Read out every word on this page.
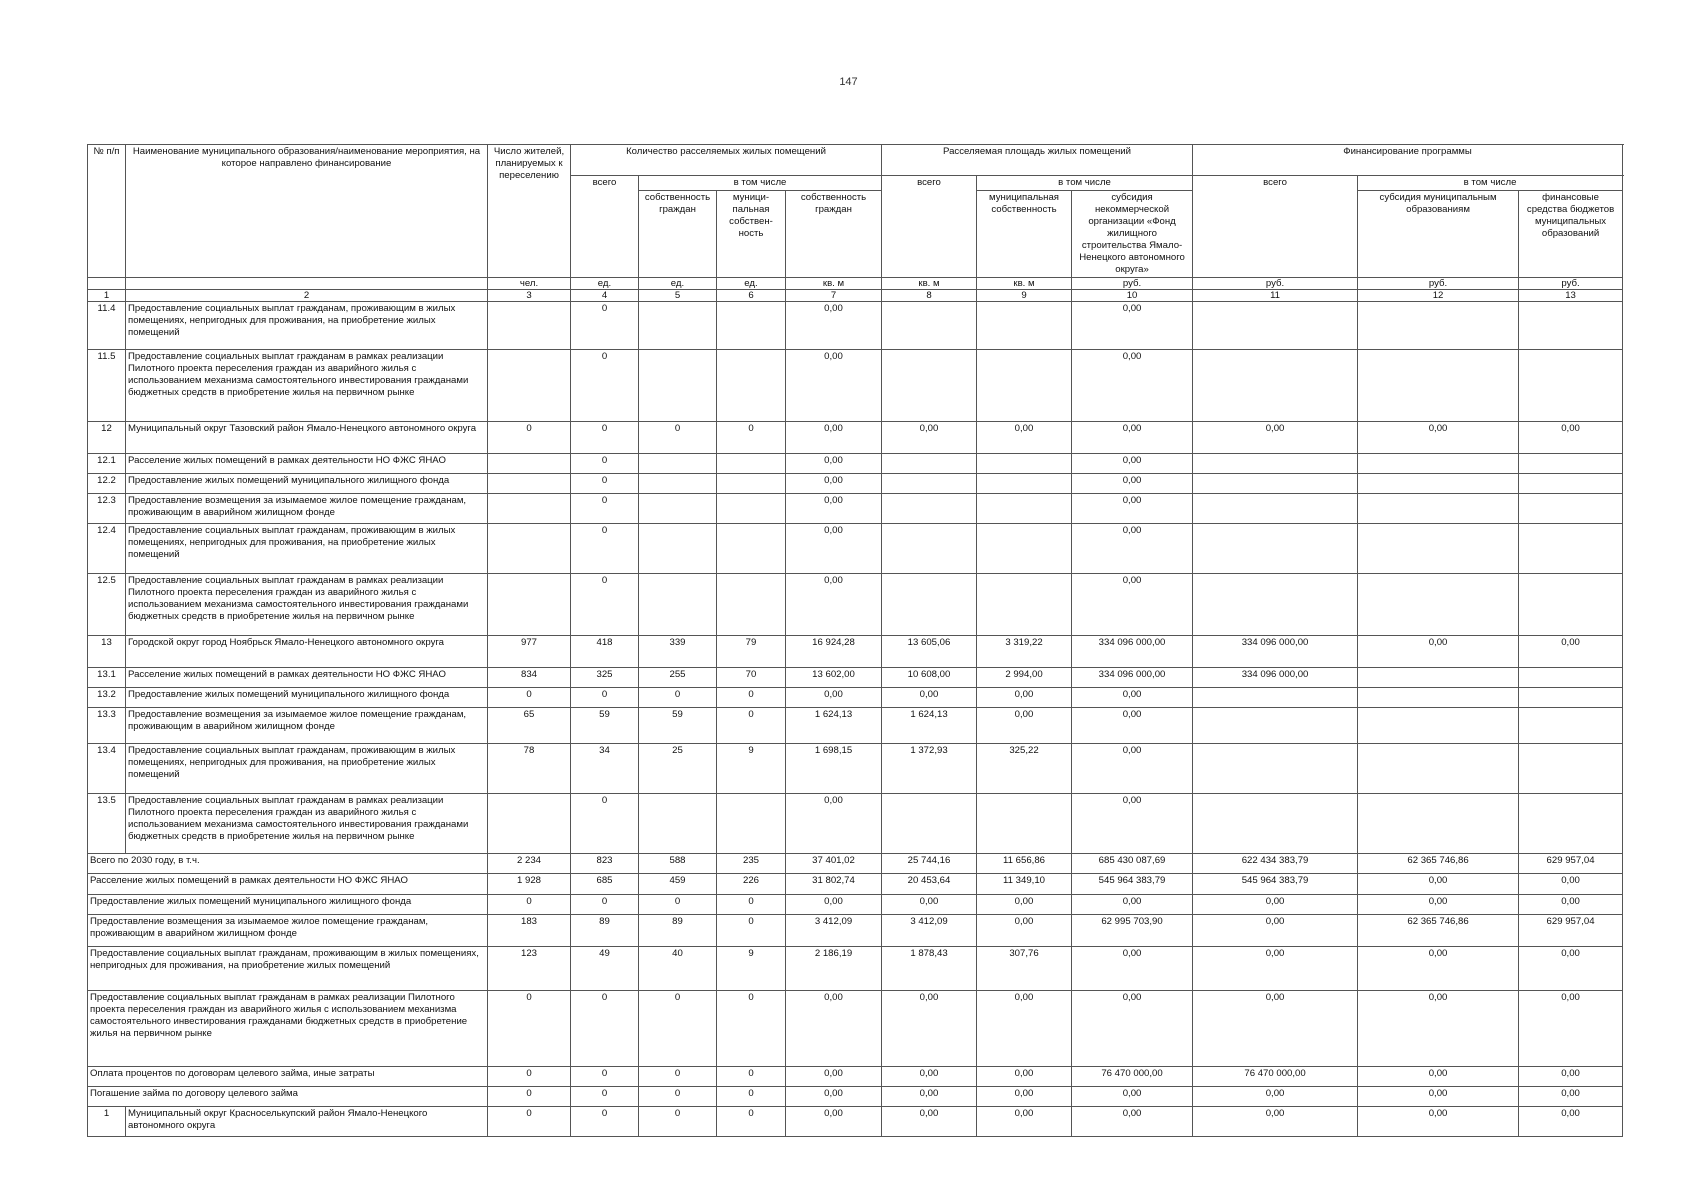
147
№ п/п	Наименование муниципального образования/наименование мероприятия, на которое направлено финансирование	Число жителей, планируемых к переселению	Количество расселяемых жилых помещений				Расселяемая площадь жилых помещений			Финансирование программы		
			всего	в том числе			всего	в том числе		всего	в том числе	
				собственность граждан	муници-пальная собствен-ность	собственность граждан		муниципальная собственность	субсидия некоммерческой организации «Фонд жилищного строительства Ямало-Ненецкого автономного округа»		субсидия муниципальным образованиям	финансовые средства бюджетов муниципальных образований
		чел.	ед.	ед.	ед.	кв. м	кв. м	кв. м	руб.	руб.	руб.	руб.
1	2	3	4	5	6	7	8	9	10	11	12	13
11.4	Предоставление социальных выплат гражданам, проживающим в жилых помещениях, непригодных для проживания, на приобретение жилых помещений		0			0,00			0,00			
11.5	Предоставление социальных выплат гражданам в рамках реализации Пилотного проекта переселения граждан из аварийного жилья с использованием механизма самостоятельного инвестирования гражданами бюджетных средств в приобретение жилья на первичном рынке		0			0,00			0,00			
12	Муниципальный округ Тазовский район Ямало-Ненецкого автономного округа	0	0	0	0	0,00	0,00	0,00	0,00	0,00	0,00	0,00
12.1	Расселение жилых помещений в рамках деятельности НО ФЖС ЯНАО		0			0,00			0,00			
12.2	Предоставление жилых помещений муниципального жилищного фонда		0			0,00			0,00			
12.3	Предоставление возмещения за изымаемое жилое помещение гражданам, проживающим в аварийном жилищном фонде		0			0,00			0,00			
12.4	Предоставление социальных выплат гражданам, проживающим в жилых помещениях, непригодных для проживания, на приобретение жилых помещений		0			0,00			0,00			
12.5	Предоставление социальных выплат гражданам в рамках реализации Пилотного проекта переселения граждан из аварийного жилья с использованием механизма самостоятельного инвестирования гражданами бюджетных средств в приобретение жилья на первичном рынке		0			0,00			0,00			
13	Городской округ город Ноябрьск Ямало-Ненецкого автономного округа	977	418	339	79	16 924,28	13 605,06	3 319,22	334 096 000,00	334 096 000,00	0,00	0,00
13.1	Расселение жилых помещений в рамках деятельности НО ФЖС ЯНАО	834	325	255	70	13 602,00	10 608,00	2 994,00	334 096 000,00	334 096 000,00		
13.2	Предоставление жилых помещений муниципального жилищного фонда	0	0	0	0	0,00	0,00	0,00	0,00			
13.3	Предоставление возмещения за изымаемое жилое помещение гражданам, проживающим в аварийном жилищном фонде	65	59	59	0	1 624,13	1 624,13	0,00	0,00			
13.4	Предоставление социальных выплат гражданам, проживающим в жилых помещениях, непригодных для проживания, на приобретение жилых помещений	78	34	25	9	1 698,15	1 372,93	325,22	0,00			
13.5	Предоставление социальных выплат гражданам в рамках реализации Пилотного проекта переселения граждан из аварийного жилья с использованием механизма самостоятельного инвестирования гражданами бюджетных средств в приобретение жилья на первичном рынке		0			0,00			0,00			
Всего по 2030 году, в т.ч.		2 234	823	588	235	37 401,02	25 744,16	11 656,86	685 430 087,69	622 434 383,79	62 365 746,86	629 957,04
Расселение жилых помещений в рамках деятельности НО ФЖС ЯНАО		1 928	685	459	226	31 802,74	20 453,64	11 349,10	545 964 383,79	545 964 383,79	0,00	0,00
Предоставление жилых помещений муниципального жилищного фонда		0	0	0	0	0,00	0,00	0,00	0,00	0,00	0,00	0,00
Предоставление возмещения за изымаемое жилое помещение гражданам, проживающим в аварийном жилищном фонде		183	89	89	0	3 412,09	3 412,09	0,00	62 995 703,90	0,00	62 365 746,86	629 957,04
Предоставление социальных выплат гражданам, проживающим в жилых помещениях, непригодных для проживания, на приобретение жилых помещений		123	49	40	9	2 186,19	1 878,43	307,76	0,00	0,00	0,00	0,00
Предоставление социальных выплат гражданам в рамках реализации Пилотного проекта переселения граждан из аварийного жилья с использованием механизма самостоятельного инвестирования гражданами бюджетных средств в приобретение жилья на первичном рынке		0	0	0	0	0,00	0,00	0,00	0,00	0,00	0,00	0,00
Оплата процентов по договорам целевого займа, иные затраты		0	0	0	0	0,00	0,00	0,00	76 470 000,00	76 470 000,00	0,00	0,00
Погашение займа по договору целевого займа		0	0	0	0	0,00	0,00	0,00	0,00	0,00	0,00	0,00
1	Муниципальный округ Красноселькупский район Ямало-Ненецкого автономного округа	0	0	0	0	0,00	0,00	0,00	0,00	0,00	0,00	0,00
